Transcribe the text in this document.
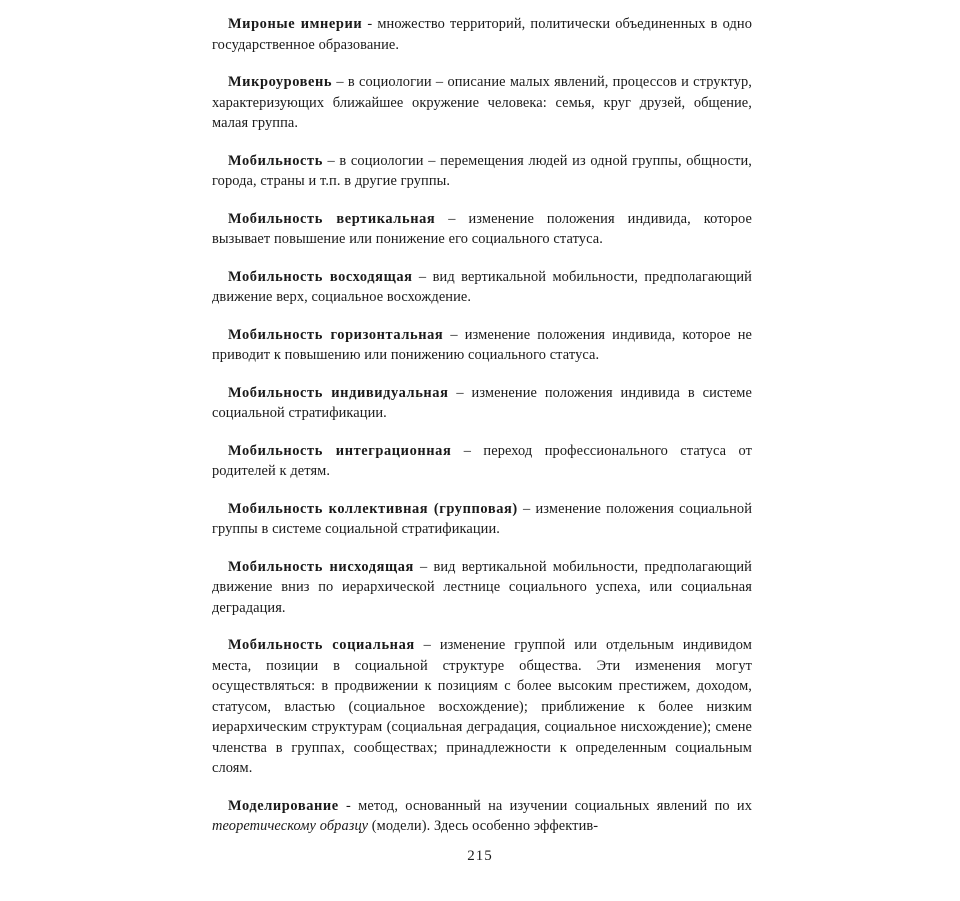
Мироные имнерии - множество территорий, политически объединенных в одно государственное образование.

Микроуровень – в социологии – описание малых явлений, процессов и структур, характеризующих ближайшее окружение человека: семья, круг друзей, общение, малая группа.

Мобильность – в социологии – перемещения людей из одной группы, общности, города, страны и т.п. в другие группы.

Мобильность вертикальная – изменение положения индивида, которое вызывает повышение или понижение его социального статуса.

Мобильность восходящая – вид вертикальной мобильности, предполагающий движение верх, социальное восхождение.

Мобильность горизонтальная – изменение положения индивида, которое не приводит к повышению или понижению социального статуса.

Мобильность индивидуальная – изменение положения индивида в системе социальной стратификации.

Мобильность интеграционная – переход профессионального статуса от родителей к детям.

Мобильность коллективная (групповая) – изменение положения социальной группы в системе социальной стратификации.

Мобильность нисходящая – вид вертикальной мобильности, предполагающий движение вниз по иерархической лестнице социального успеха, или социальная деградация.

Мобильность социальная – изменение группой или отдельным индивидом места, позиции в социальной структуре общества. Эти изменения могут осуществляться: в продвижении к позициям с более высоким престижем, доходом, статусом, властью (социальное восхождение); приближение к более низким иерархическим структурам (социальная деградация, социальное нисхождение); смене членства в группах, сообществах; принадлежности к определенным социальным слоям.

Моделирование - метод, основанный на изучении социальных явлений по их теоретическому образцу (модели). Здесь особенно эффектив-

215
